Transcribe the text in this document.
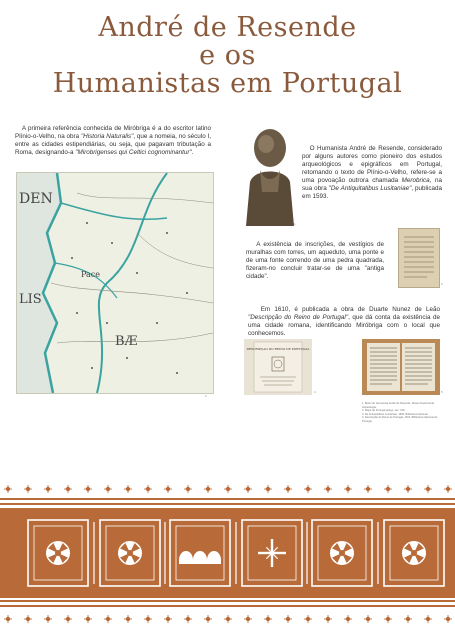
André de Resende
e os
Humanistas em Portugal
A primeira referência conhecida de Miróbriga é a do escritor latino Plínio-o-Velho, na obra "Historia Naturalis", que a nomeia, no século I, entre as cidades estipendiárias, ou seja, que pagavam tributação a Roma, designando-a "Mirobrigenses qui Celtici cognominantur".
DEN
LIS
BÆ
Pace
2
1
O Humanista André de Resende, considerado por alguns autores como pioneiro dos estudos arqueológicos e epigráficos em Portugal, retomando o texto de Plínio-o-Velho, refere-se a uma povoação outrora chamada Merobrica, na sua obra "De Antiquitatibus Lusitaniae", publicada em 1593.
A existência de inscrições, de vestígios de muralhas com torres, um aqueduto, uma ponte e de uma fonte correndo de uma pedra quadrada, fizeram-no concluir tratar-se de uma "antiga cidade".
3
Em 1610, é publicada a obra de Duarte Nunez de Leão "Descripção do Reino de Portugal", que dá conta da existência de uma cidade romana, identificando Miróbriga com o local que conhecemos.
DESCRIPÇAO DO REINO DE PORTUGAL
4	5
1. Busto do Humanista André de Resende. Museu Nacional de Arqueologia.
2. Mapa de Portugal antigo, séc. XVII.
3. De Antiquitatibus Lusitaniae, 1593. Biblioteca Nacional.
4. Descripção do Reino de Portugal, 1610. Biblioteca Nacional de Portugal.
